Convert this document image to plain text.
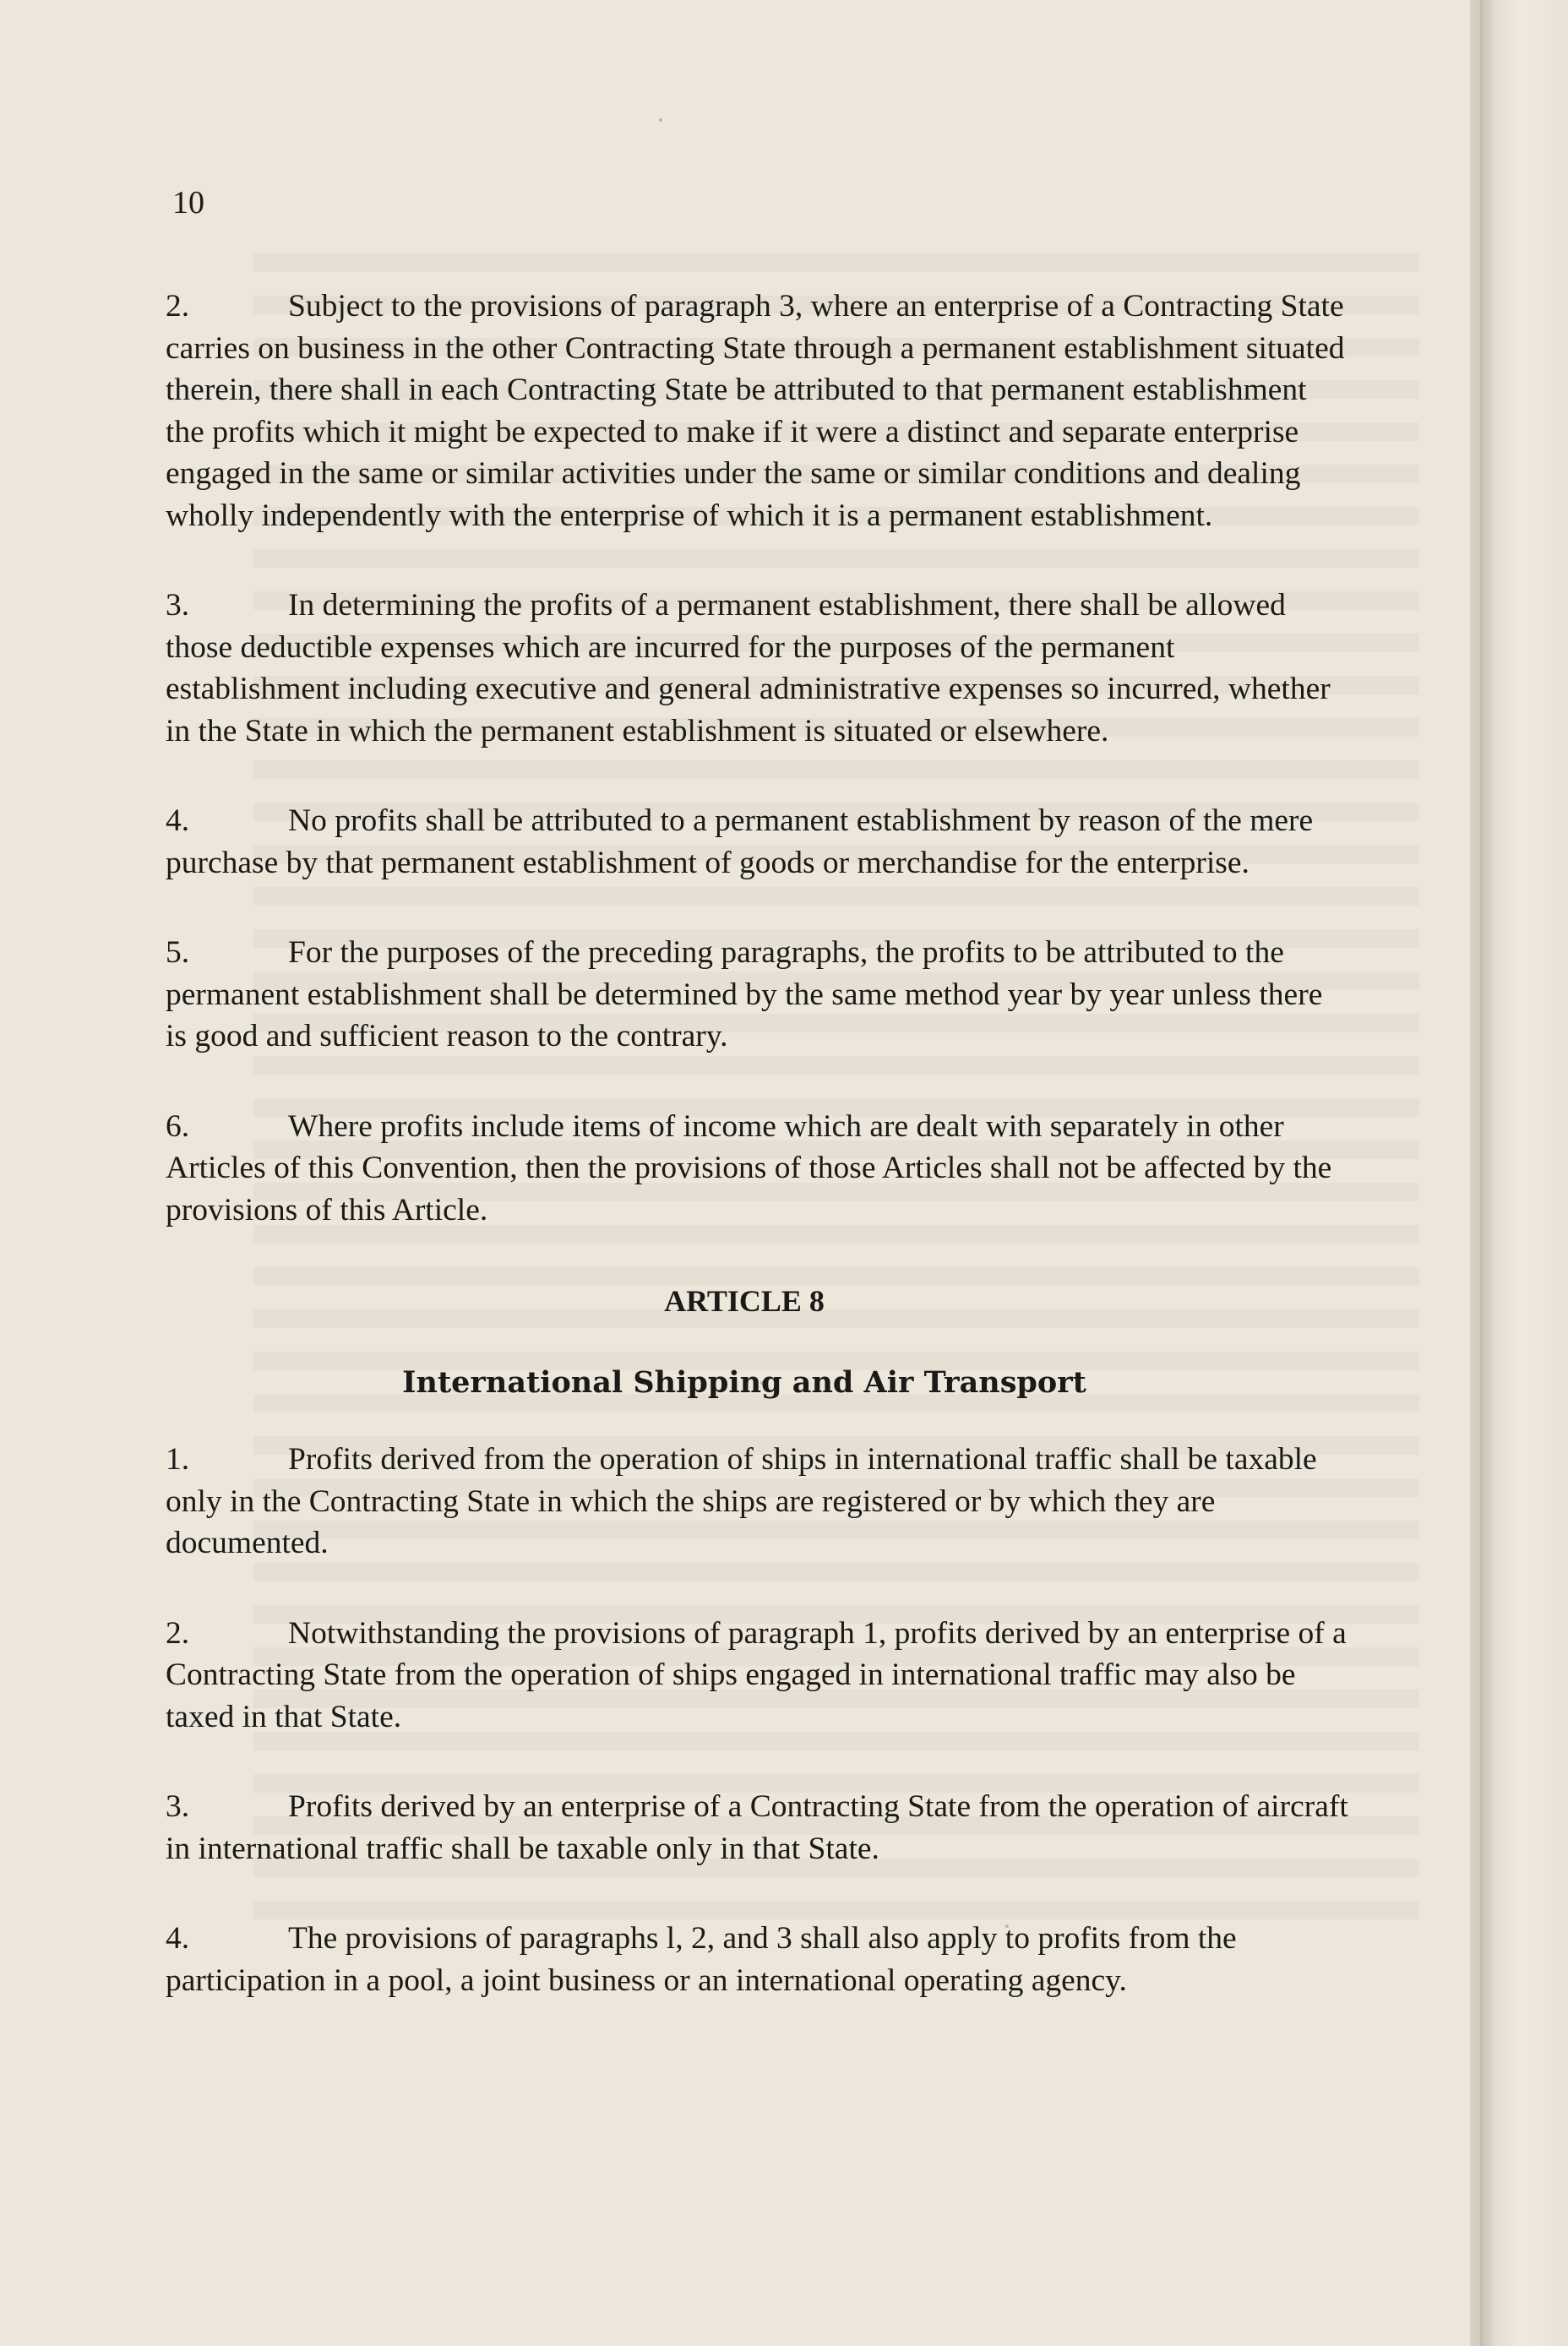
10

2.	Subject to the provisions of paragraph 3, where an enterprise of a Contracting State carries on business in the other Contracting State through a permanent establishment situated therein, there shall in each Contracting State be attributed to that permanent establishment the profits which it might be expected to make if it were a distinct and separate enterprise engaged in the same or similar activities under the same or similar conditions and dealing wholly independently with the enterprise of which it is a permanent establishment.

3.	In determining the profits of a permanent establishment, there shall be allowed those deductible expenses which are incurred for the purposes of the permanent establishment including executive and general administrative expenses so incurred, whether in the State in which the permanent establishment is situated or elsewhere.

4.	No profits shall be attributed to a permanent establishment by reason of the mere purchase by that permanent establishment of goods or merchandise for the enterprise.

5.	For the purposes of the preceding paragraphs, the profits to be attributed to the permanent establishment shall be determined by the same method year by year unless there is good and sufficient reason to the contrary.

6.	Where profits include items of income which are dealt with separately in other Articles of this Convention, then the provisions of those Articles shall not be affected by the provisions of this Article.

ARTICLE 8
International Shipping and Air Transport

1.	Profits derived from the operation of ships in international traffic shall be taxable only in the Contracting State in which the ships are registered or by which they are documented.

2.	Notwithstanding the provisions of paragraph 1, profits derived by an enterprise of a Contracting State from the operation of ships engaged in international traffic may also be taxed in that State.

3.	Profits derived by an enterprise of a Contracting State from the operation of aircraft in international traffic shall be taxable only in that State.

4.	The provisions of paragraphs l, 2, and 3 shall also apply to profits from the participation in a pool, a joint business or an international operating agency.
